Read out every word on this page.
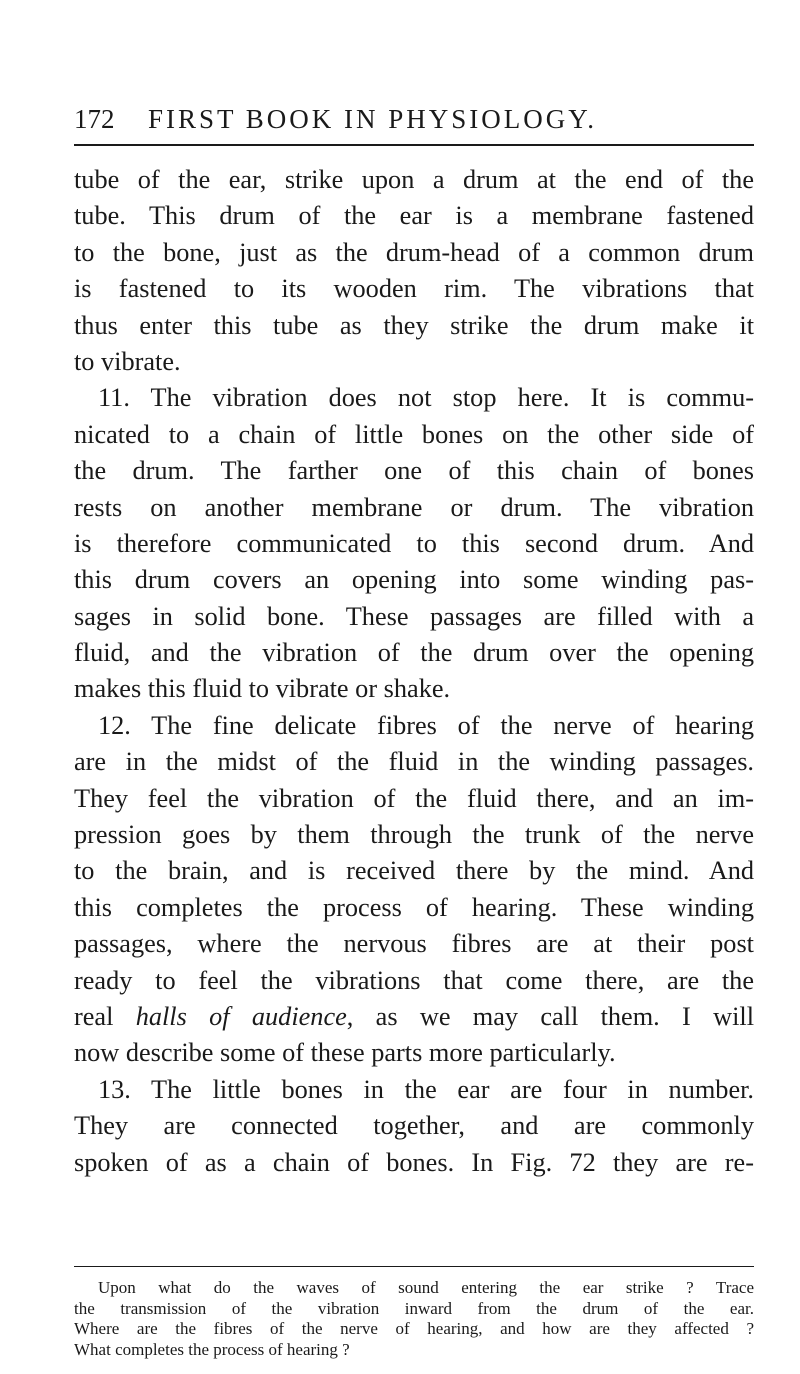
172 FIRST BOOK IN PHYSIOLOGY.
tube of the ear, strike upon a drum at the end of the
tube. This drum of the ear is a membrane fastened
to the bone, just as the drum-head of a common drum
is fastened to its wooden rim. The vibrations that
thus enter this tube as they strike the drum make it
to vibrate.
11. The vibration does not stop here. It is commu-
nicated to a chain of little bones on the other side of
the drum. The farther one of this chain of bones
rests on another membrane or drum. The vibration
is therefore communicated to this second drum. And
this drum covers an opening into some winding pas-
sages in solid bone. These passages are filled with a
fluid, and the vibration of the drum over the opening
makes this fluid to vibrate or shake.
12. The fine delicate fibres of the nerve of hearing
are in the midst of the fluid in the winding passages.
They feel the vibration of the fluid there, and an im-
pression goes by them through the trunk of the nerve
to the brain, and is received there by the mind. And
this completes the process of hearing. These winding
passages, where the nervous fibres are at their post
ready to feel the vibrations that come there, are the
real halls of audience, as we may call them. I will
now describe some of these parts more particularly.
13. The little bones in the ear are four in number.
They are connected together, and are commonly
spoken of as a chain of bones. In Fig. 72 they are re-
Upon what do the waves of sound entering the ear strike ? Trace
the transmission of the vibration inward from the drum of the ear.
Where are the fibres of the nerve of hearing, and how are they affected ?
What completes the process of hearing ?
